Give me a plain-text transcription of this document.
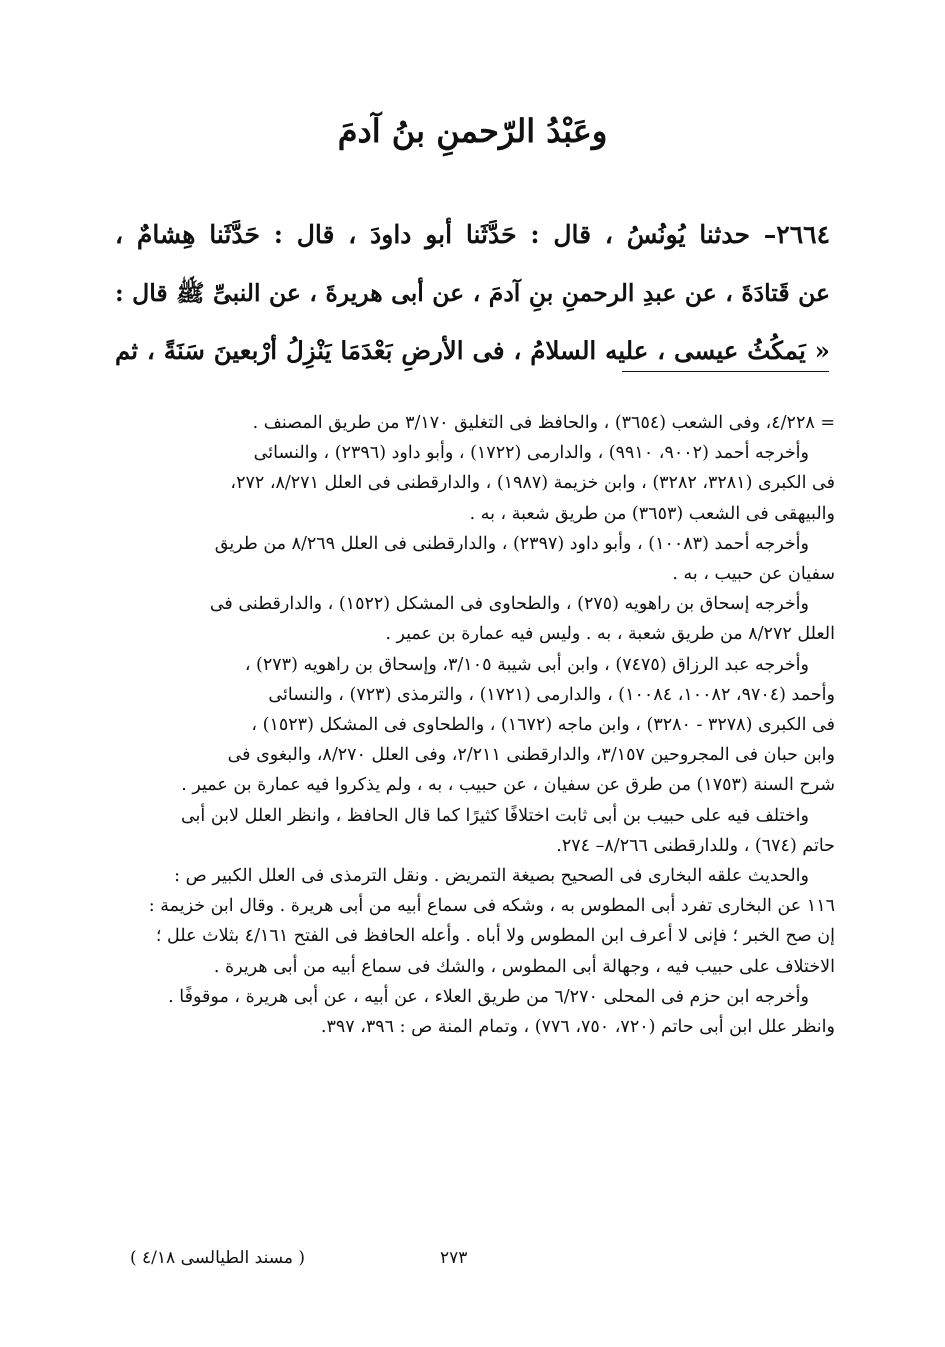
وعَبْدُ الرّحمنِ بنُ آدمَ
٢٦٦٤– حدثنا يُونُسُ ، قال : حَدَّثَنا أبو داودَ ، قال : حَدَّثَنا هِشامٌ ،
عن قَتادَةَ ، عن عبدِ الرحمنِ بنِ آدمَ ، عن أبى هريرةَ ، عن النبىِّ ﷺ قال :
« يَمكُثُ عيسى ، عليه السلامُ ، فى الأرضِ بَعْدَمَا يَنْزِلُ أرْبعينَ سَنَةً ، ثم
= ٤/٢٢٨، وفى الشعب (٣٦٥٤) ، والحافظ فى التغليق ٣/١٧٠ من طريق المصنف .
وأخرجه أحمد (٩٠٠٢، ٩٩١٠) ، والدارمى (١٧٢٢) ، وأبو داود (٢٣٩٦) ، والنسائى
فى الكبرى (٣٢٨١، ٣٢٨٢) ، وابن خزيمة (١٩٨٧) ، والدارقطنى فى العلل ٨/٢٧١، ٢٧٢،
والبيهقى فى الشعب (٣٦٥٣) من طريق شعبة ، به .
وأخرجه أحمد (١٠٠٨٣) ، وأبو داود (٢٣٩٧) ، والدارقطنى فى العلل ٨/٢٦٩ من طريق
سفيان عن حبيب ، به .
وأخرجه إسحاق بن راهويه (٢٧٥) ، والطحاوى فى المشكل (١٥٢٢) ، والدارقطنى فى
العلل ٨/٢٧٢ من طريق شعبة ، به . وليس فيه عمارة بن عمير .
وأخرجه عبد الرزاق (٧٤٧٥) ، وابن أبى شيبة ٣/١٠٥، وإسحاق بن راهويه (٢٧٣) ،
وأحمد (٩٧٠٤، ١٠٠٨٢، ١٠٠٨٤) ، والدارمى (١٧٢١) ، والترمذى (٧٢٣) ، والنسائى
فى الكبرى (٣٢٧٨ - ٣٢٨٠) ، وابن ماجه (١٦٧٢) ، والطحاوى فى المشكل (١٥٢٣) ،
وابن حبان فى المجروحين ٣/١٥٧، والدارقطنى ٢/٢١١، وفى العلل ٨/٢٧٠، والبغوى فى
شرح السنة (١٧٥٣) من طرق عن سفيان ، عن حبيب ، به ، ولم يذكروا فيه عمارة بن عمير .
واختلف فيه على حبيب بن أبى ثابت اختلافًا كثيرًا كما قال الحافظ ، وانظر العلل لابن أبى
حاتم (٦٧٤) ، وللدارقطنى ٨/٢٦٦– ٢٧٤.
والحديث علقه البخارى فى الصحيح بصيغة التمريض . ونقل الترمذى فى العلل الكبير ص :
١١٦ عن البخارى تفرد أبى المطوس به ، وشكه فى سماع أبيه من أبى هريرة . وقال ابن خزيمة :
إن صح الخبر ؛ فإنى لا أعرف ابن المطوس ولا أباه . وأعله الحافظ فى الفتح ٤/١٦١ بثلاث علل ؛
الاختلاف على حبيب فيه ، وجهالة أبى المطوس ، والشك فى سماع أبيه من أبى هريرة .
وأخرجه ابن حزم فى المحلى ٦/٢٧٠ من طريق العلاء ، عن أبيه ، عن أبى هريرة ، موقوفًا .
وانظر علل ابن أبى حاتم (٧٢٠، ٧٥٠، ٧٧٦) ، وتمام المنة ص : ٣٩٦، ٣٩٧.
٢٧٣
( مسند الطيالسى ٤/١٨ )
